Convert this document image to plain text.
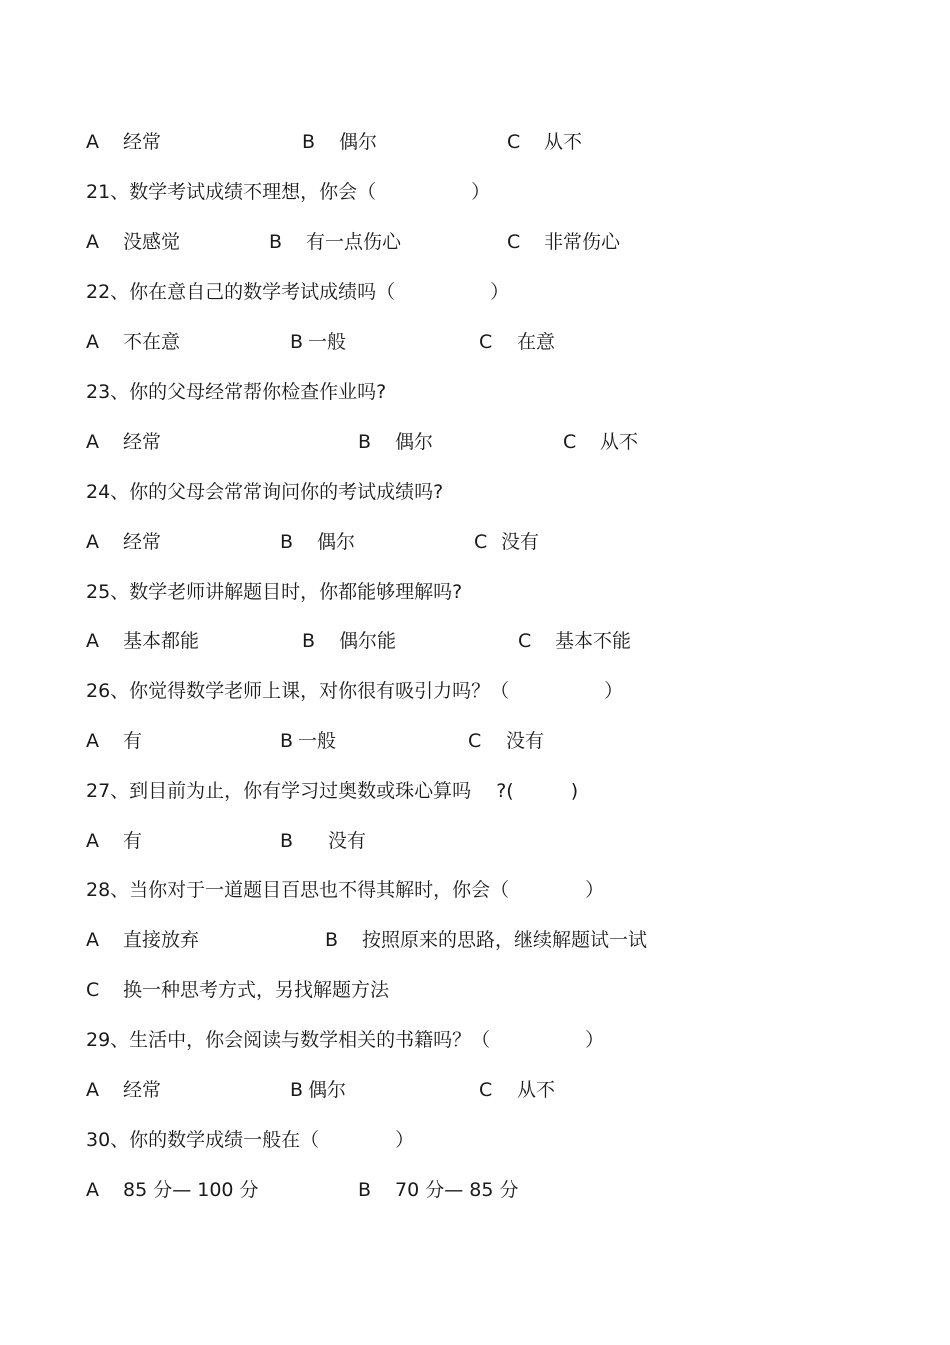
A 经常

	B 偶尔

	C 从不

21、数学考试成绩不理想，你会（　　　　　）

A 没感觉

	B 有一点伤心

	C 非常伤心

22、你在意自己的数学考试成绩吗（　　　　　）

A 不在意

	B 一般

	C 在意

23、你的父母经常帮你检查作业吗?

A 经常

	B 偶尔

	C 从不

24、你的父母会常常询问你的考试成绩吗?

A 经常

	B 偶尔

	C 没有

25、数学老师讲解题目时，你都能够理解吗?

A 基本都能

	B 偶尔能

	C 基本不能

26、你觉得数学老师上课，对你很有吸引力吗？（　　　　　）

A 有

	B 一般

	C 没有

27、到目前为止，你有学习过奥数或珠心算吗　 ?(　　　)

A 有

	B 没有

28、当你对于一道题目百思也不得其解时，你会（　　　　）

A 直接放弃

	B 按照原来的思路，继续解题试一试

C 换一种思考方式，另找解题方法

29、生活中，你会阅读与数学相关的书籍吗？（　　　　　）

A 经常

	B 偶尔

	C 从不

30、你的数学成绩一般在（　　　　）

A 85 分— 100 分

	B 70 分— 85 分
